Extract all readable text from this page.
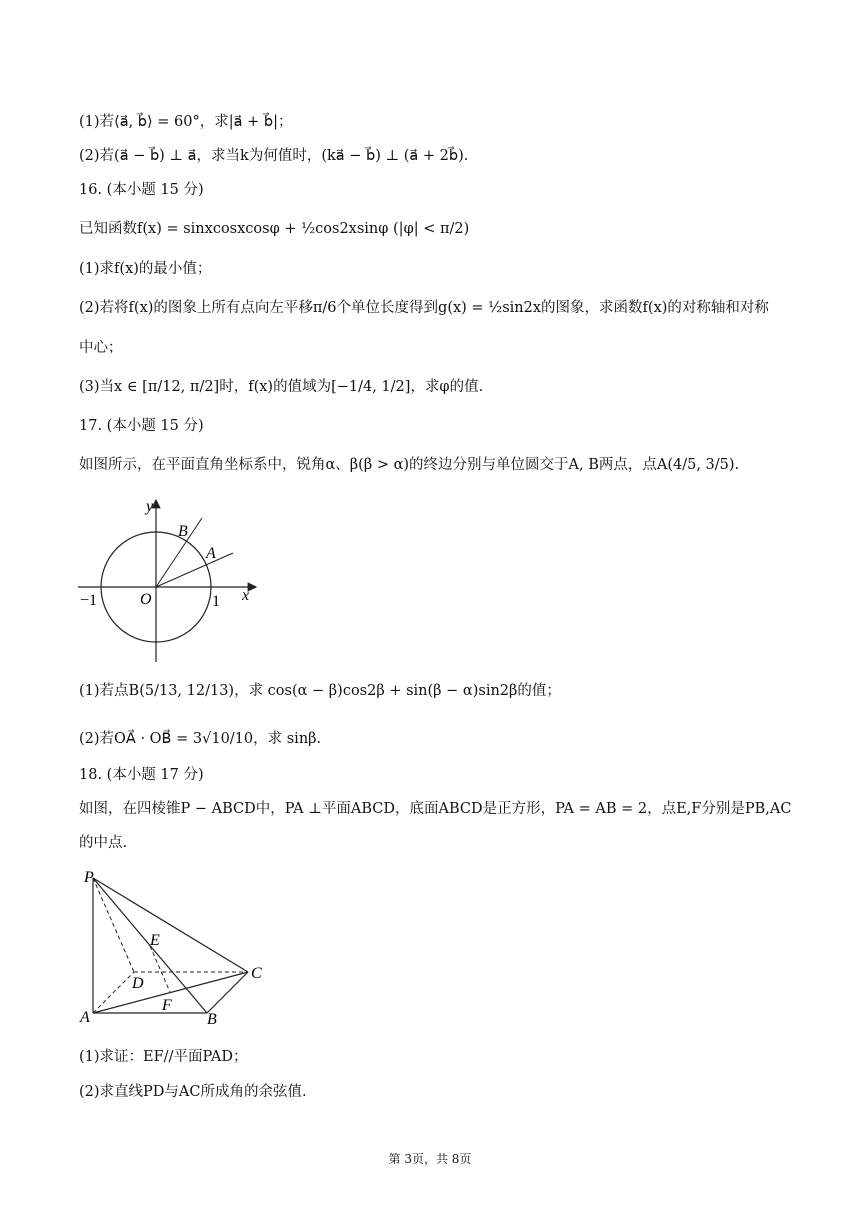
(1)若⟨a⃗, b⃗⟩ = 60°，求|a⃗ + b⃗|；
(2)若(a⃗ − b⃗) ⊥ a⃗，求当k为何值时，(ka⃗ − b⃗) ⊥ (a⃗ + 2b⃗).
16. (本小题 15 分)
已知函数f(x) = sinxcosxcosφ + ½cos2xsinφ (|φ| < π/2)
(1)求f(x)的最小值；
(2)若将f(x)的图象上所有点向左平移π/6个单位长度得到g(x) = ½sin2x的图象，求函数f(x)的对称轴和对称
中心；
(3)当x ∈ [π/12, π/2]时，f(x)的值域为[−1/4, 1/2]，求φ的值.
17. (本小题 15 分)
如图所示，在平面直角坐标系中，锐角α、β(β > α)的终边分别与单位圆交于A, B两点，点A(4/5, 3/5).
y
B
A
−1	O	1 x
(1)若点B(5/13, 12/13)，求 cos(α − β)cos2β + sin(β − α)sin2β的值；
(2)若OA⃗ · OB⃗ = 3√10/10，求 sinβ.
18. (本小题 17 分)
如图，在四棱锥P − ABCD中，PA ⊥平面ABCD，底面ABCD是正方形，PA = AB = 2，点E,F分别是PB,AC
的中点.
P
E
D
C
F
A	B
(1)求证：EF//平面PAD；
(2)求直线PD与AC所成角的余弦值.
第 3页，共 8页
